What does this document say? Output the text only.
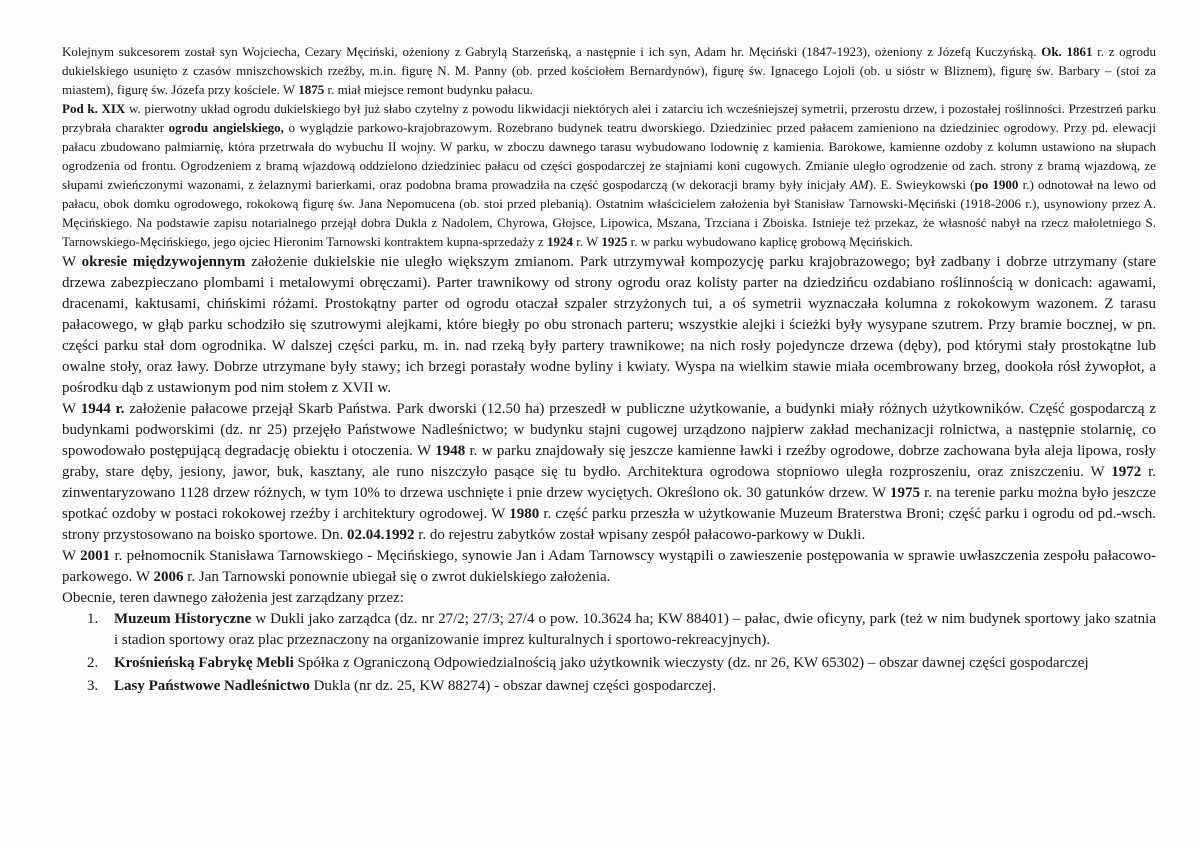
Kolejnym sukcesorem został syn Wojciecha, Cezary Męciński, ożeniony z Gabrylą Starzeńską, a następnie i ich syn, Adam hr. Męciński (1847-1923), ożeniony z Józefą Kuczyńską. Ok. 1861 r. z ogrodu dukielskiego usunięto z czasów mniszchowskich rzeźby, m.in. figurę N. M. Panny (ob. przed kościołem Bernardynów), figurę św. Ignacego Lojoli (ob. u sióstr w Bliznem), figurę św. Barbary – (stoi za miastem), figurę św. Józefa przy kościele. W 1875 r. miał miejsce remont budynku pałacu.

Pod k. XIX w. pierwotny układ ogrodu dukielskiego był już słabo czytelny z powodu likwidacji niektórych alei i zatarciu ich wcześniejszej symetrii, przerostu drzew, i pozostałej roślinności. Przestrzeń parku przybrała charakter ogrodu angielskiego, o wyglądzie parkowo-krajobrazowym. Rozebrano budynek teatru dworskiego. Dziedziniec przed pałacem zamieniono na dziedziniec ogrodowy. Przy pd. elewacji pałacu zbudowano palmiarnię, która przetrwała do wybuchu II wojny. W parku, w zboczu dawnego tarasu wybudowano lodownię z kamienia. Barokowe, kamienne ozdoby z kolumn ustawiono na słupach ogrodzenia od frontu. Ogrodzeniem z bramą wjazdową oddzielono dziedziniec pałacu od części gospodarczej ze stajniami koni cugowych. Zmianie uległo ogrodzenie od zach. strony z bramą wjazdową, ze słupami zwieńczonymi wazonami, z żelaznymi barierkami, oraz podobna brama prowadziła na część gospodarczą (w dekoracji bramy były inicjały AM). E. Swieykowski (po 1900 r.) odnotował na lewo od pałacu, obok domku ogrodowego, rokokową figurę św. Jana Nepomucena (ob. stoi przed plebanią). Ostatnim właścicielem założenia był Stanisław Tarnowski-Męciński (1918-2006 r.), usynowiony przez A. Męcińskiego. Na podstawie zapisu notarialnego przejął dobra Dukla z Nadolem, Chyrowa, Głojsce, Lipowica, Mszana, Trzciana i Zboiska. Istnieje też przekaz, że własność nabył na rzecz małoletniego S. Tarnowskiego-Męcińskiego, jego ojciec Hieronim Tarnowski kontraktem kupna-sprzedaży z 1924 r. W 1925 r. w parku wybudowano kaplicę grobową Męcińskich.

W okresie międzywojennym założenie dukielskie nie uległo większym zmianom. Park utrzymywał kompozycję parku krajobrazowego; był zadbany i dobrze utrzymany (stare drzewa zabezpieczano plombami i metalowymi obręczami). Parter trawnikowy od strony ogrodu oraz kolisty parter na dziedzińcu ozdabiano roślinnością w donicach: agawami, dracenami, kaktusami, chińskimi różami. Prostokątny parter od ogrodu otaczał szpaler strzyżonych tui, a oś symetrii wyznaczała kolumna z rokokowym wazonem. Z tarasu pałacowego, w głąb parku schodziło się szutrowymi alejkami, które biegły po obu stronach parteru; wszystkie alejki i ścieżki były wysypane szutrem. Przy bramie bocznej, w pn. części parku stał dom ogrodnika. W dalszej części parku, m. in. nad rzeką były partery trawnikowe; na nich rosły pojedyncze drzewa (dęby), pod którymi stały prostokątne lub owalne stoły, oraz ławy. Dobrze utrzymane były stawy; ich brzegi porastały wodne byliny i kwiaty. Wyspa na wielkim stawie miała ocembrowany brzeg, dookoła rósł żywopłot, a pośrodku dąb z ustawionym pod nim stołem z XVII w.

W 1944 r. założenie pałacowe przejął Skarb Państwa. Park dworski (12.50 ha) przeszedł w publiczne użytkowanie, a budynki miały różnych użytkowników. Część gospodarczą z budynkami podworskimi (dz. nr 25) przejęło Państwowe Nadleśnictwo; w budynku stajni cugowej urządzono najpierw zakład mechanizacji rolnictwa, a następnie stolarnię, co spowodowało postępującą degradację obiektu i otoczenia. W 1948 r. w parku znajdowały się jeszcze kamienne ławki i rzeźby ogrodowe, dobrze zachowana była aleja lipowa, rosły graby, stare dęby, jesiony, jawor, buk, kasztany, ale runo niszczyło pasące się tu bydło. Architektura ogrodowa stopniowo uległa rozproszeniu, oraz zniszczeniu. W 1972 r. zinwentaryzowano 1128 drzew różnych, w tym 10% to drzewa uschnięte i pnie drzew wyciętych. Określono ok. 30 gatunków drzew. W 1975 r. na terenie parku można było jeszcze spotkać ozdoby w postaci rokokowej rzeźby i architektury ogrodowej. W 1980 r. część parku przeszła w użytkowanie Muzeum Braterstwa Broni; część parku i ogrodu od pd.-wsch. strony przystosowano na boisko sportowe. Dn. 02.04.1992 r. do rejestru zabytków został wpisany zespół pałacowo-parkowy w Dukli.

W 2001 r. pełnomocnik Stanisława Tarnowskiego - Męcińskiego, synowie Jan i Adam Tarnowscy wystąpili o zawieszenie postępowania w sprawie uwłaszczenia zespołu pałacowo-parkowego. W 2006 r. Jan Tarnowski ponownie ubiegał się o zwrot dukielskiego założenia.

Obecnie, teren dawnego założenia jest zarządzany przez:

1. Muzeum Historyczne w Dukli jako zarządca (dz. nr 27/2; 27/3; 27/4 o pow. 10.3624 ha; KW 88401) – pałac, dwie oficyny, park (też w nim budynek sportowy jako szatnia i stadion sportowy oraz plac przeznaczony na organizowanie imprez kulturalnych i sportowo-rekreacyjnych).
2. Krośnieńską Fabrykę Mebli Spółka z Ograniczoną Odpowiedzialnością jako użytkownik wieczysty (dz. nr 26, KW 65302) – obszar dawnej części gospodarczej
3. Lasy Państwowe Nadleśnictwo Dukla (nr dz. 25, KW 88274) - obszar dawnej części gospodarczej.
